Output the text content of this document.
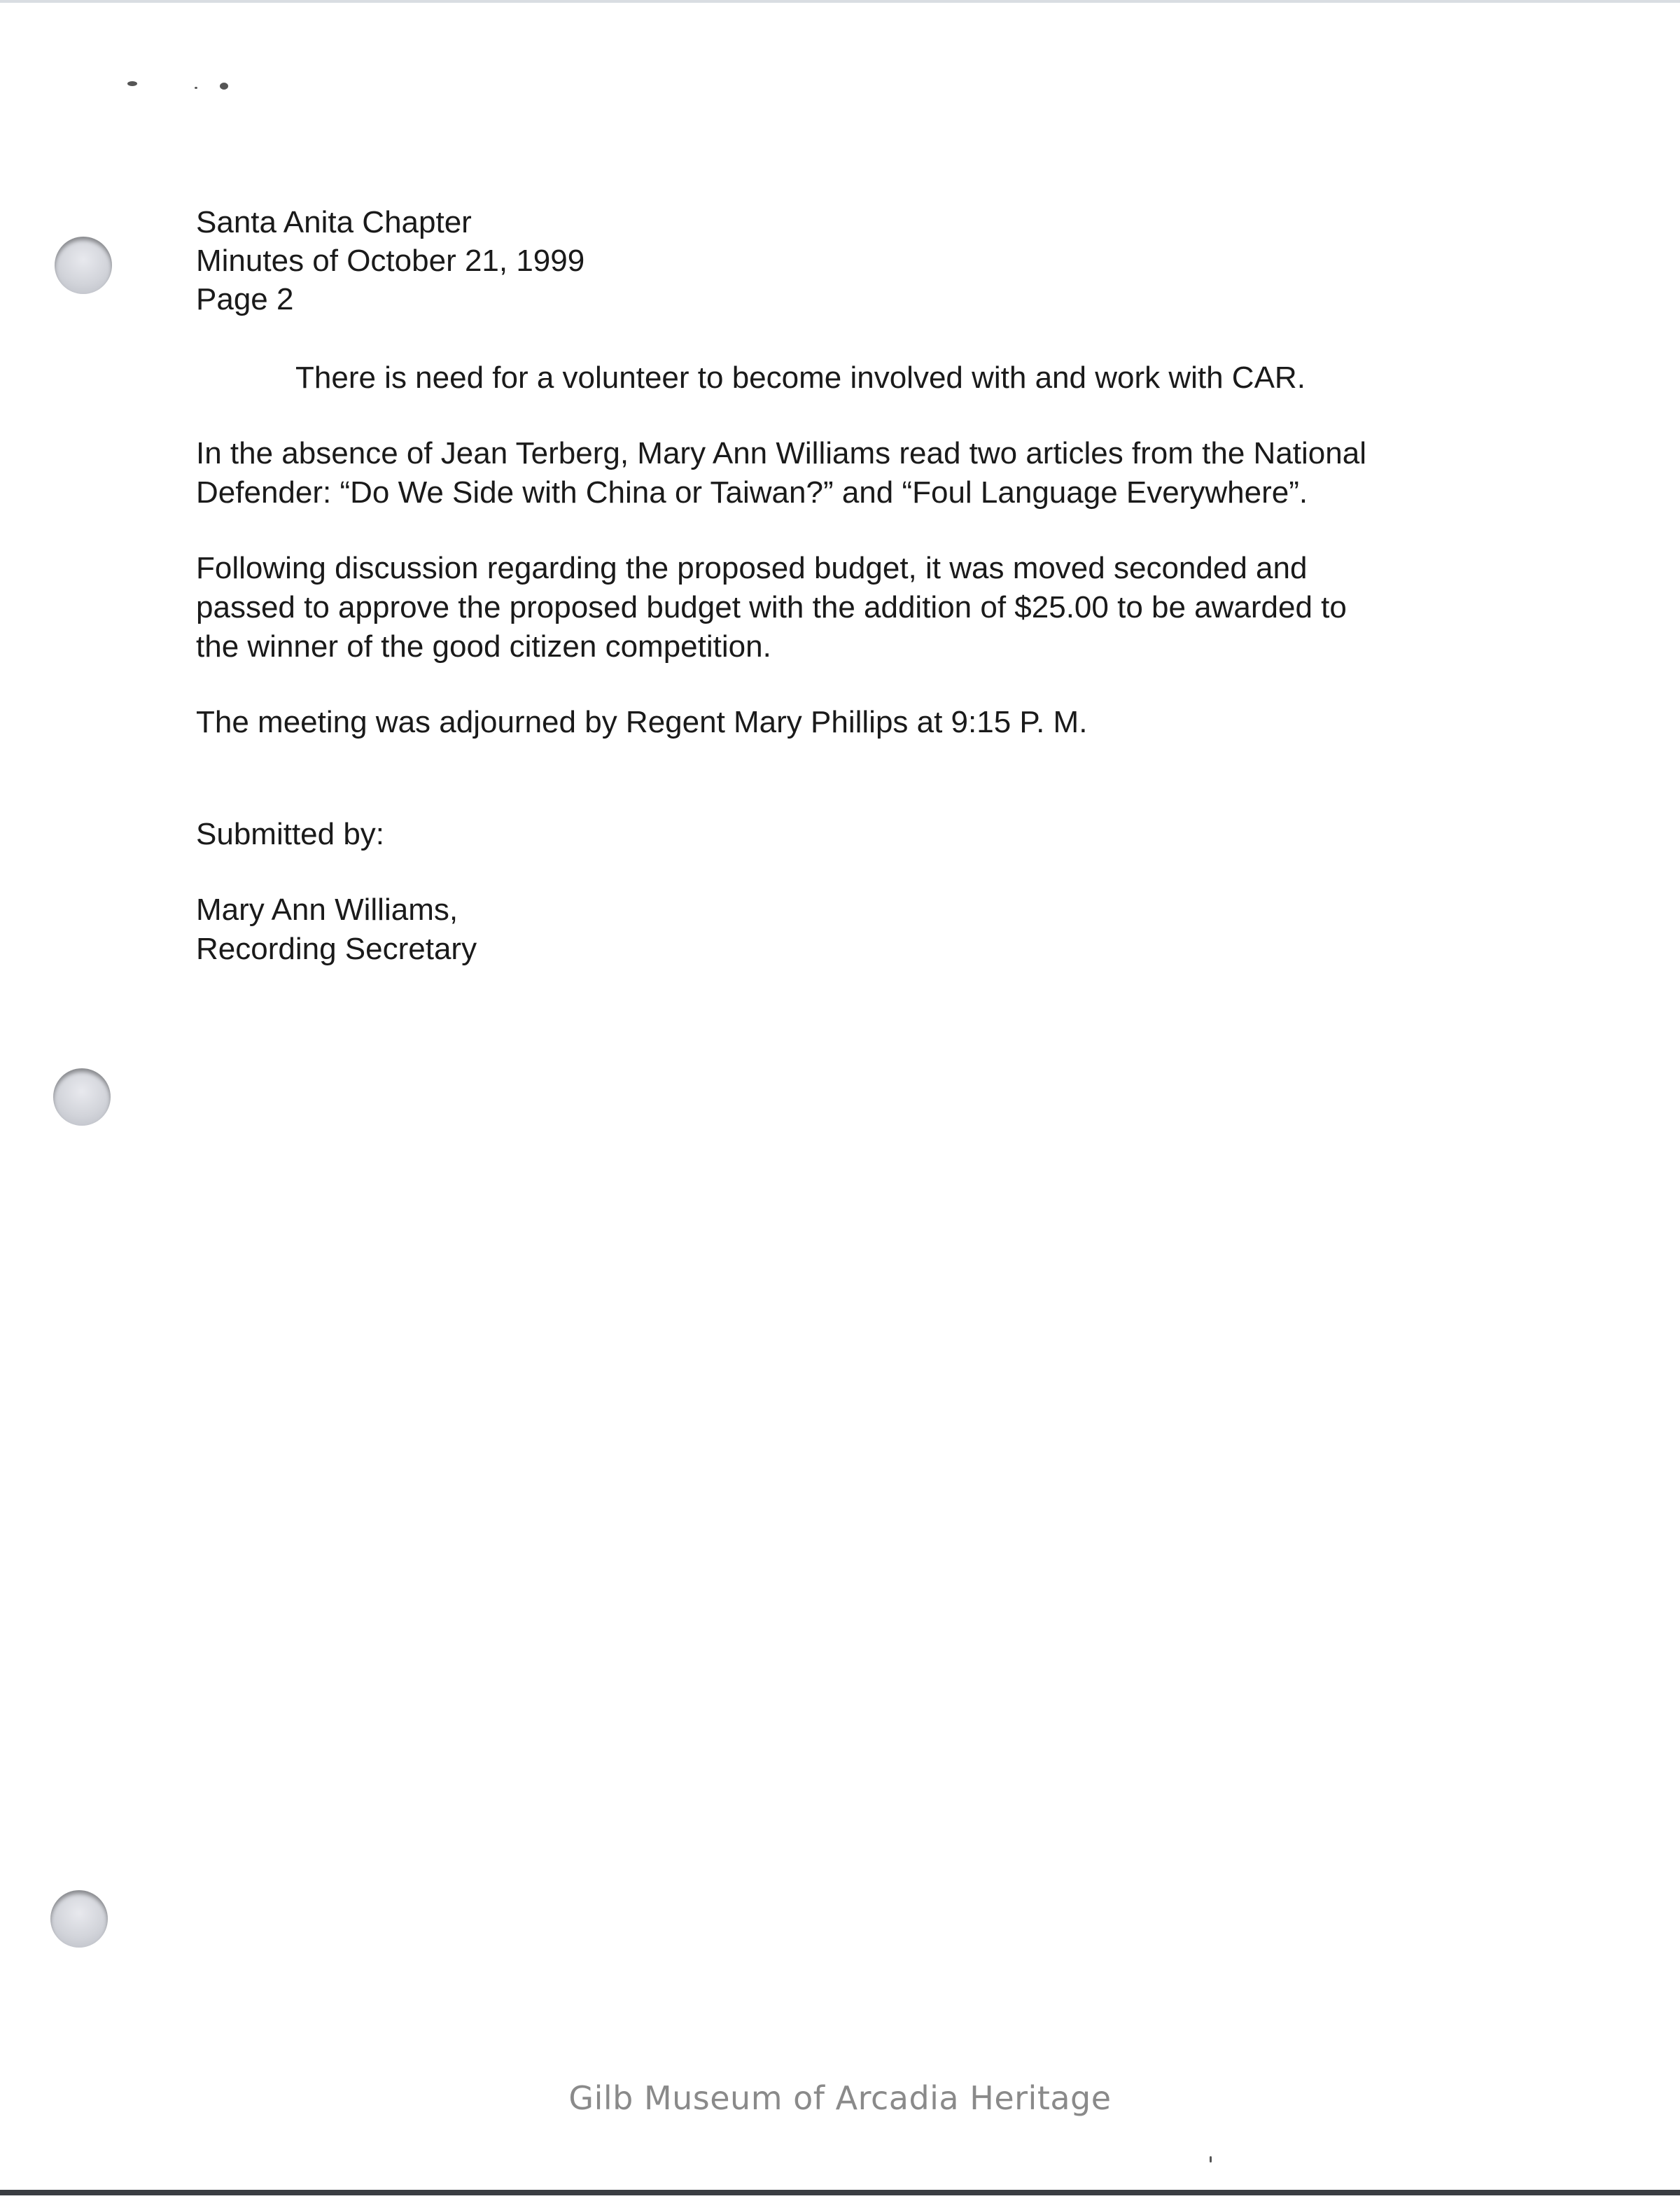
Santa Anita Chapter
Minutes of October 21, 1999
Page 2
There is need for a volunteer to become involved with and work with CAR.
In the absence of Jean Terberg, Mary Ann Williams read two articles from the National
Defender: “Do We Side with China or Taiwan?” and “Foul Language Everywhere”.
Following discussion regarding the proposed budget, it was moved seconded and
passed to approve the proposed budget with the addition of $25.00 to be awarded to
the winner of the good citizen competition.
The meeting was adjourned by Regent Mary Phillips at 9:15 P. M.
Submitted by:
Mary Ann Williams,
Recording Secretary
Gilb Museum of Arcadia Heritage
